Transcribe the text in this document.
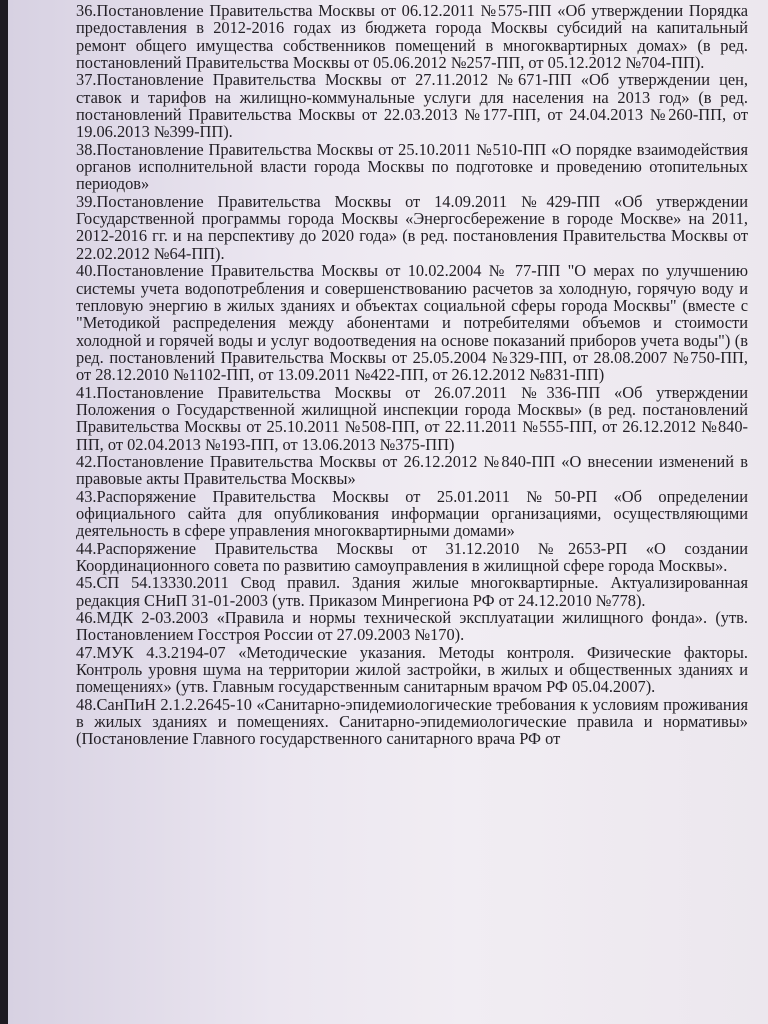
36.Постановление Правительства Москвы от 06.12.2011 №575-ПП «Об утверждении Порядка предоставления в 2012-2016 годах из бюджета города Москвы субсидий на капитальный ремонт общего имущества собственников помещений в многоквартирных домах» (в ред. постановлений Правительства Москвы от 05.06.2012 №257-ПП, от 05.12.2012 №704-ПП).

37.Постановление Правительства Москвы от 27.11.2012 №671-ПП «Об утверждении цен, ставок и тарифов на жилищно-коммунальные услуги для населения на 2013 год» (в ред. постановлений Правительства Москвы от 22.03.2013 №177-ПП, от 24.04.2013 №260-ПП, от 19.06.2013 №399-ПП).

38.Постановление Правительства Москвы от 25.10.2011 №510-ПП «О порядке взаимодействия органов исполнительной власти города Москвы по подготовке и проведению отопительных периодов»

39.Постановление Правительства Москвы от 14.09.2011 №429-ПП «Об утверждении Государственной программы города Москвы «Энергосбережение в городе Москве» на 2011, 2012-2016 гг. и на перспективу до 2020 года» (в ред. постановления Правительства Москвы от 22.02.2012 №64-ПП).

40.Постановление Правительства Москвы от 10.02.2004 № 77-ПП "О мерах по улучшению системы учета водопотребления и совершенствованию расчетов за холодную, горячую воду и тепловую энергию в жилых зданиях и объектах социальной сферы города Москвы" (вместе с "Методикой распределения между абонентами и потребителями объемов и стоимости холодной и горячей воды и услуг водоотведения на основе показаний приборов учета воды") (в ред. постановлений Правительства Москвы от 25.05.2004 №329-ПП, от 28.08.2007 №750-ПП, от 28.12.2010 №1102-ПП, от 13.09.2011 №422-ПП, от 26.12.2012 №831-ПП)

41.Постановление Правительства Москвы от 26.07.2011 №336-ПП «Об утверждении Положения о Государственной жилищной инспекции города Москвы» (в ред. постановлений Правительства Москвы от 25.10.2011 №508-ПП, от 22.11.2011 №555-ПП, от 26.12.2012 №840-ПП, от 02.04.2013 №193-ПП, от 13.06.2013 №375-ПП)

42.Постановление Правительства Москвы от 26.12.2012 №840-ПП «О внесении изменений в правовые акты Правительства Москвы»

43.Распоряжение Правительства Москвы от 25.01.2011 №50-РП «Об определении официального сайта для опубликования информации организациями, осуществляющими деятельность в сфере управления многоквартирными домами»

44.Распоряжение Правительства Москвы от 31.12.2010 №2653-РП «О создании Координационного совета по развитию самоуправления в жилищной сфере города Москвы».

45.СП 54.13330.2011 Свод правил. Здания жилые многоквартирные. Актуализированная редакция СНиП 31-01-2003 (утв. Приказом Минрегиона РФ от 24.12.2010 №778).

46.МДК 2-03.2003 «Правила и нормы технической эксплуатации жилищного фонда». (утв. Постановлением Госстроя России от 27.09.2003 №170).

47.МУК 4.3.2194-07 «Методические указания. Методы контроля. Физические факторы. Контроль уровня шума на территории жилой застройки, в жилых и общественных зданиях и помещениях» (утв. Главным государственным санитарным врачом РФ 05.04.2007).

48.СанПиН 2.1.2.2645-10 «Санитарно-эпидемиологические требования к условиям проживания в жилых зданиях и помещениях. Санитарно-эпидемиологические правила и нормативы» (Постановление Главного государственного санитарного врача РФ от
